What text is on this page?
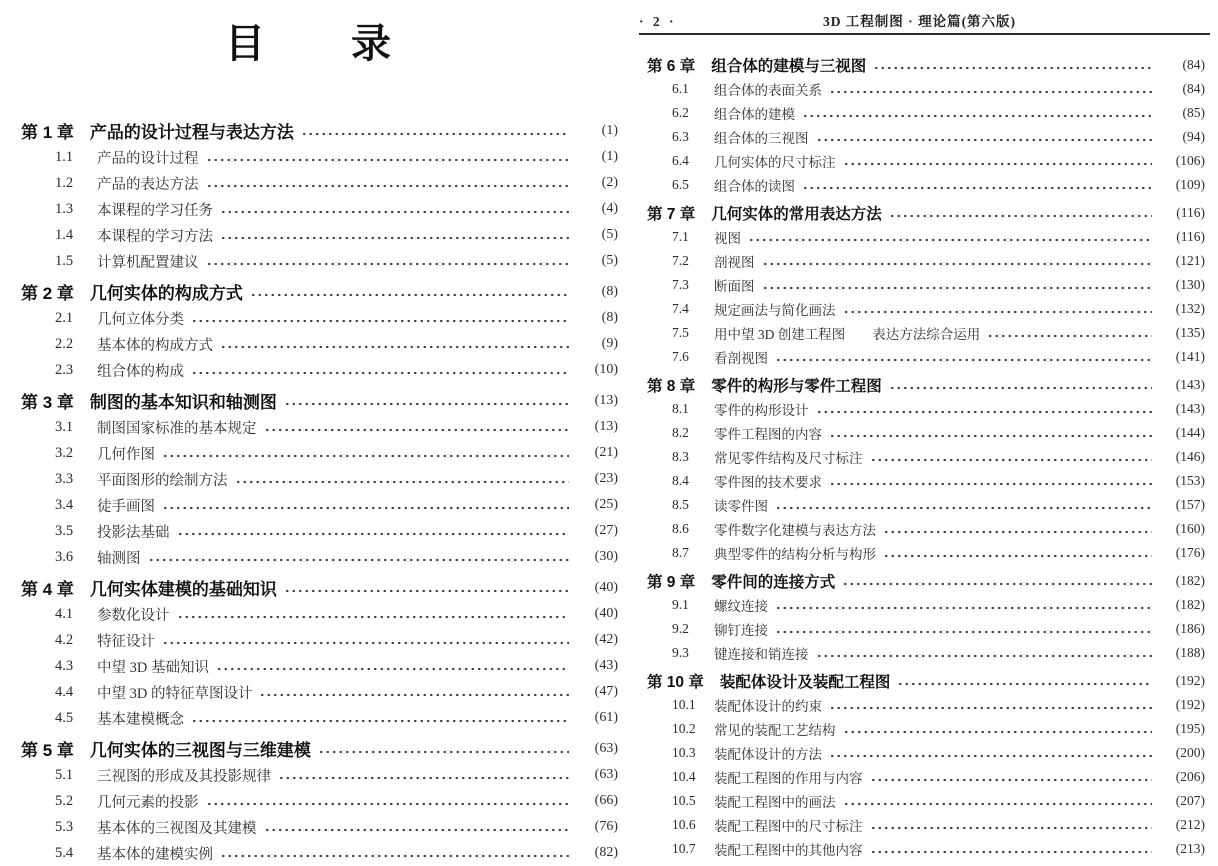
目　　录
第 1 章 产品的设计过程与表达方法	(1)
1.1	产品的设计过程	(1)
1.2	产品的表达方法	(2)
1.3	本课程的学习任务	(4)
1.4	本课程的学习方法	(5)
1.5	计算机配置建议	(5)
第 2 章 几何实体的构成方式	(8)
2.1	几何立体分类	(8)
2.2	基本体的构成方式	(9)
2.3	组合体的构成	(10)
第 3 章 制图的基本知识和轴测图	(13)
3.1	制图国家标准的基本规定	(13)
3.2	几何作图	(21)
3.3	平面图形的绘制方法	(23)
3.4	徒手画图	(25)
3.5	投影法基础	(27)
3.6	轴测图	(30)
第 4 章 几何实体建模的基础知识	(40)
4.1	参数化设计	(40)
4.2	特征设计	(42)
4.3	中望 3D 基础知识	(43)
4.4	中望 3D 的特征草图设计	(47)
4.5	基本建模概念	(61)
第 5 章 几何实体的三视图与三维建模	(63)
5.1	三视图的形成及其投影规律	(63)
5.2	几何元素的投影	(66)
5.3	基本体的三视图及其建模	(76)
5.4	基本体的建模实例	(82)
· 2 ·	3D 工程制图 · 理论篇(第六版)
第 6 章 组合体的建模与三视图	(84)
6.1	组合体的表面关系	(84)
6.2	组合体的建模	(85)
6.3	组合体的三视图	(94)
6.4	几何实体的尺寸标注	(106)
6.5	组合体的读图	(109)
第 7 章 几何实体的常用表达方法	(116)
7.1	视图	(116)
7.2	剖视图	(121)
7.3	断面图	(130)
7.4	规定画法与简化画法	(132)
7.5	用中望 3D 创建工程图　　表达方法综合运用	(135)
7.6	看剖视图	(141)
第 8 章 零件的构形与零件工程图	(143)
8.1	零件的构形设计	(143)
8.2	零件工程图的内容	(144)
8.3	常见零件结构及尺寸标注	(146)
8.4	零件图的技术要求	(153)
8.5	读零件图	(157)
8.6	零件数字化建模与表达方法	(160)
8.7	典型零件的结构分析与构形	(176)
第 9 章 零件间的连接方式	(182)
9.1	螺纹连接	(182)
9.2	铆钉连接	(186)
9.3	键连接和销连接	(188)
第 10 章 装配体设计及装配工程图	(192)
10.1	装配体设计的约束	(192)
10.2	常见的装配工艺结构	(195)
10.3	装配体设计的方法	(200)
10.4	装配工程图的作用与内容	(206)
10.5	装配工程图中的画法	(207)
10.6	装配工程图中的尺寸标注	(212)
10.7	装配工程图中的其他内容	(213)
